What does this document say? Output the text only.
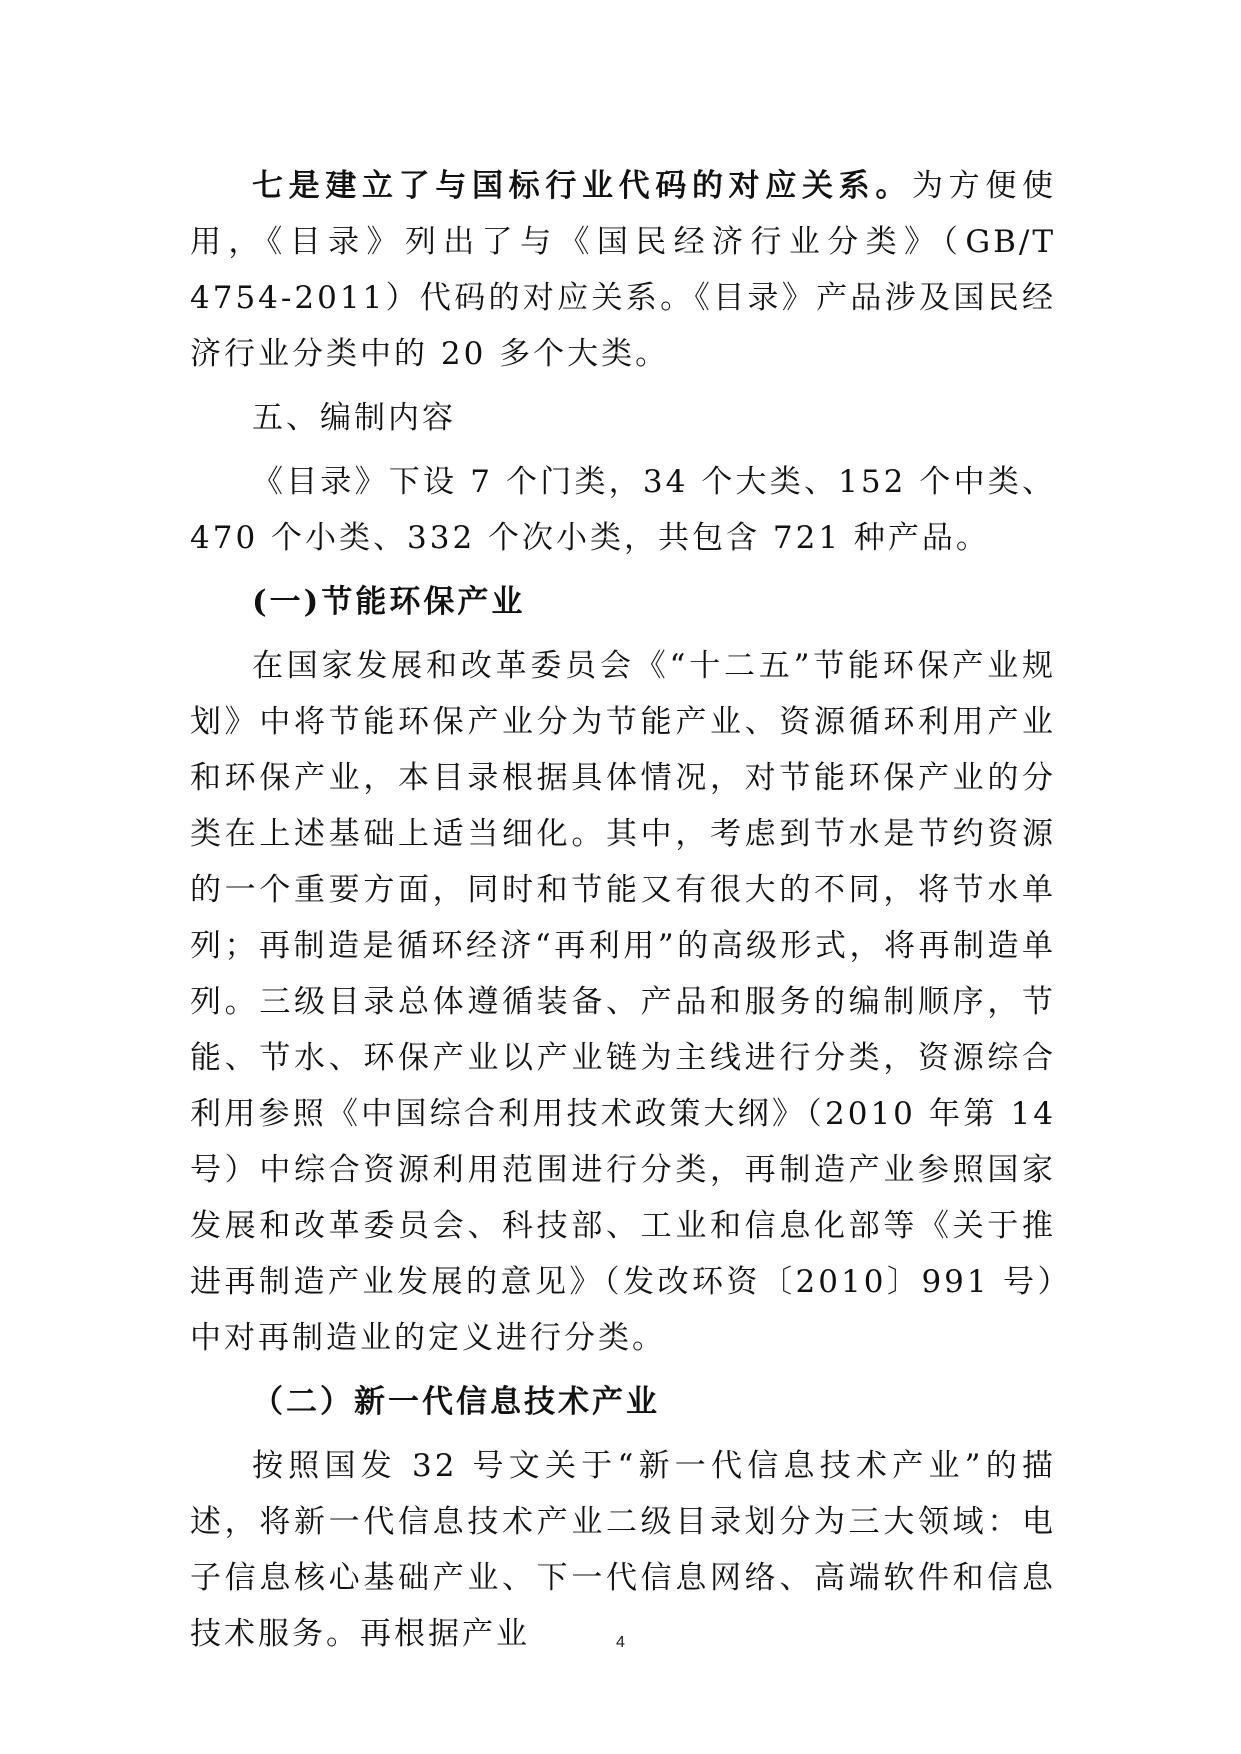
七是建立了与国标行业代码的对应关系。为方便使用，《目录》列出了与《国民经济行业分类》（GB/T 4754-2011）代码的对应关系。《目录》产品涉及国民经济行业分类中的 20 多个大类。

五、编制内容

《目录》下设 7 个门类，34 个大类、152 个中类、470 个小类、332 个次小类，共包含 721 种产品。

(一)节能环保产业

在国家发展和改革委员会《“十二五”节能环保产业规划》中将节能环保产业分为节能产业、资源循环利用产业和环保产业，本目录根据具体情况，对节能环保产业的分类在上述基础上适当细化。其中，考虑到节水是节约资源的一个重要方面，同时和节能又有很大的不同，将节水单列；再制造是循环经济“再利用”的高级形式，将再制造单列。三级目录总体遵循装备、产品和服务的编制顺序，节能、节水、环保产业以产业链为主线进行分类，资源综合利用参照《中国综合利用技术政策大纲》（2010 年第 14 号）中综合资源利用范围进行分类，再制造产业参照国家发展和改革委员会、科技部、工业和信息化部等《关于推进再制造产业发展的意见》（发改环资〔2010〕991 号）中对再制造业的定义进行分类。

（二）新一代信息技术产业

按照国发 32 号文关于“新一代信息技术产业”的描述，将新一代信息技术产业二级目录划分为三大领域：电子信息核心基础产业、下一代信息网络、高端软件和信息技术服务。再根据产业	4
